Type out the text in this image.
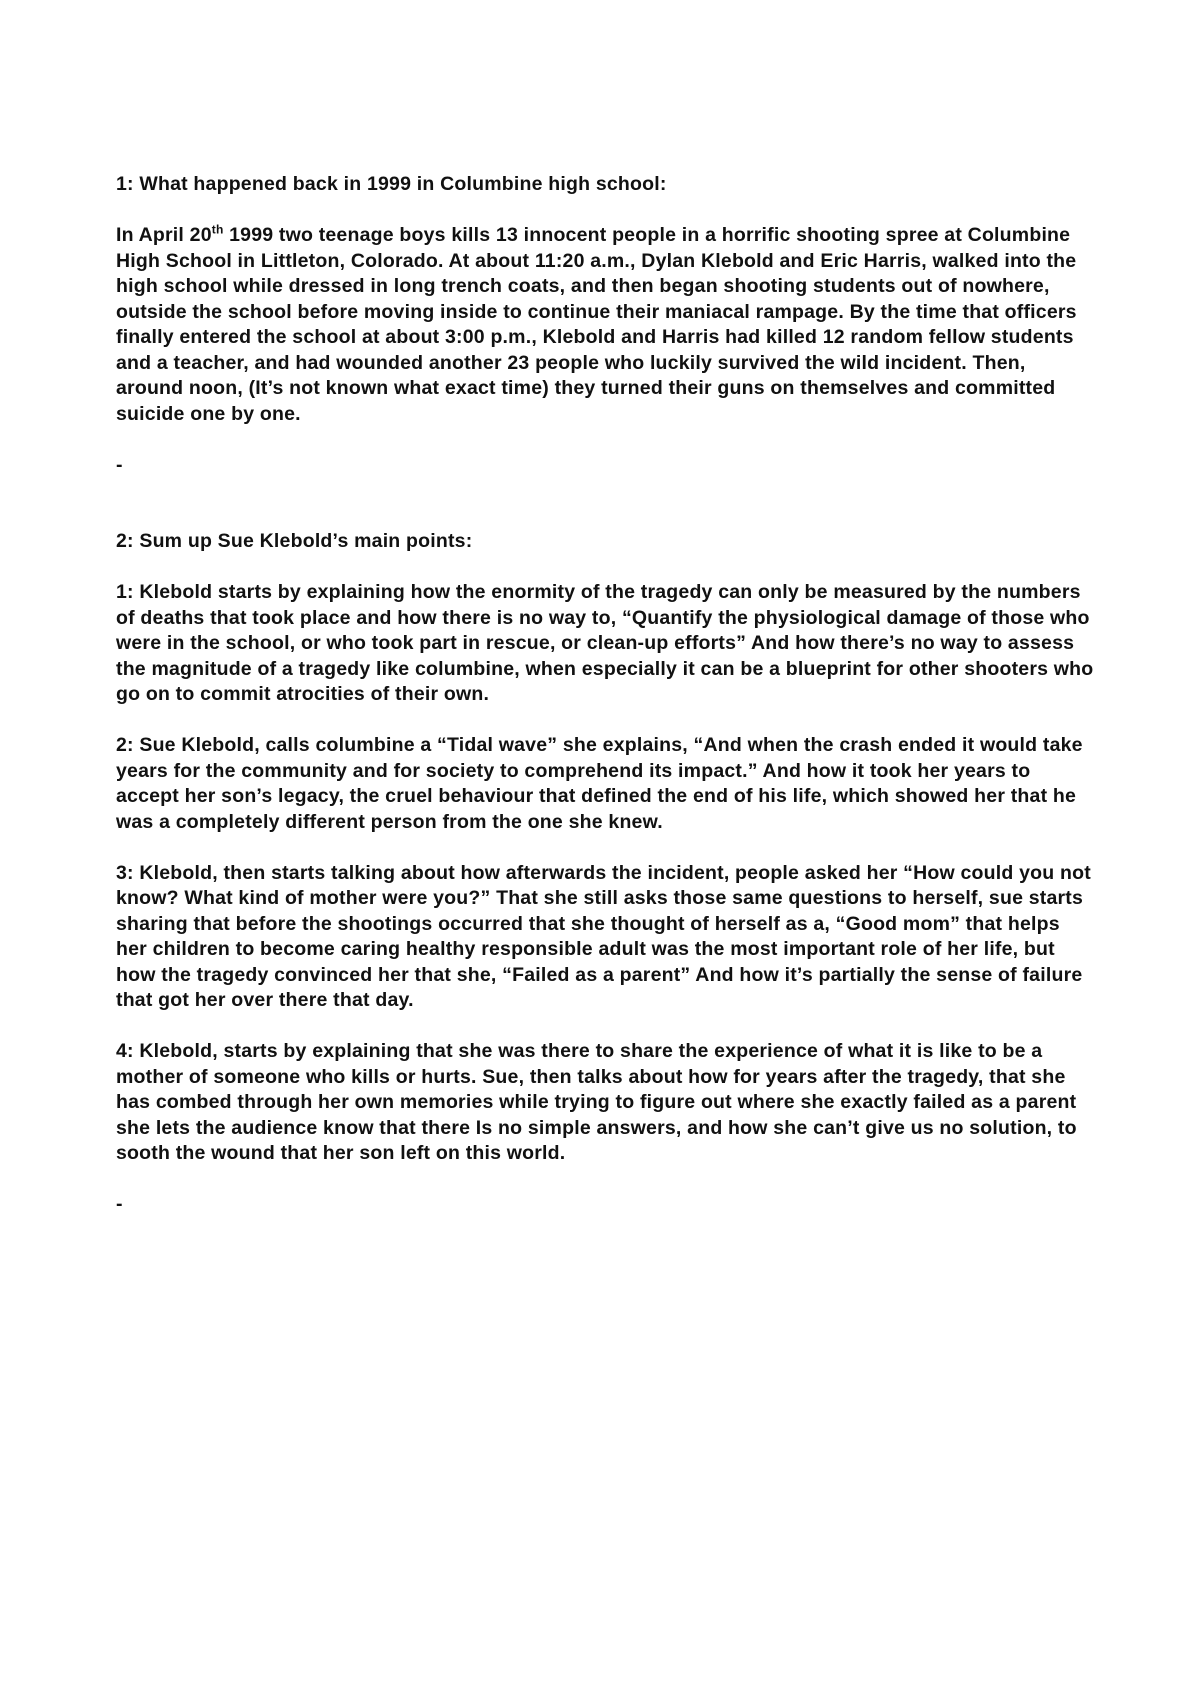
1: What happened back in 1999 in Columbine high school:
In April 20th 1999 two teenage boys kills 13 innocent people in a horrific shooting spree at Columbine High School in Littleton, Colorado. At about 11:20 a.m., Dylan Klebold and Eric Harris, walked into the high school while dressed in long trench coats, and then began shooting students out of nowhere, outside the school before moving inside to continue their maniacal rampage. By the time that officers finally entered the school at about 3:00 p.m., Klebold and Harris had killed 12 random fellow students and a teacher, and had wounded another 23 people who luckily survived the wild incident. Then, around noon, (It’s not known what exact time) they turned their guns on themselves and committed suicide one by one.
-
2: Sum up Sue Klebold’s main points:
1: Klebold starts by explaining how the enormity of the tragedy can only be measured by the numbers of deaths that took place and how there is no way to, “Quantify the physiological damage of those who were in the school, or who took part in rescue, or clean-up efforts” And how there’s no way to assess the magnitude of a tragedy like columbine, when especially it can be a blueprint for other shooters who go on to commit atrocities of their own.
2: Sue Klebold, calls columbine a “Tidal wave” she explains, “And when the crash ended it would take years for the community and for society to comprehend its impact.” And how it took her years to accept her son’s legacy, the cruel behaviour that defined the end of his life, which showed her that he was a completely different person from the one she knew.
3: Klebold, then starts talking about how afterwards the incident, people asked her “How could you not know? What kind of mother were you?” That she still asks those same questions to herself, sue starts sharing that before the shootings occurred that she thought of herself as a, “Good mom” that helps her children to become caring healthy responsible adult was the most important role of her life, but how the tragedy convinced her that she, “Failed as a parent” And how it’s partially the sense of failure that got her over there that day.
4: Klebold, starts by explaining that she was there to share the experience of what it is like to be a mother of someone who kills or hurts. Sue, then talks about how for years after the tragedy, that she has combed through her own memories while trying to figure out where she exactly failed as a parent she lets the audience know that there Is no simple answers, and how she can’t give us no solution, to sooth the wound that her son left on this world.
-
